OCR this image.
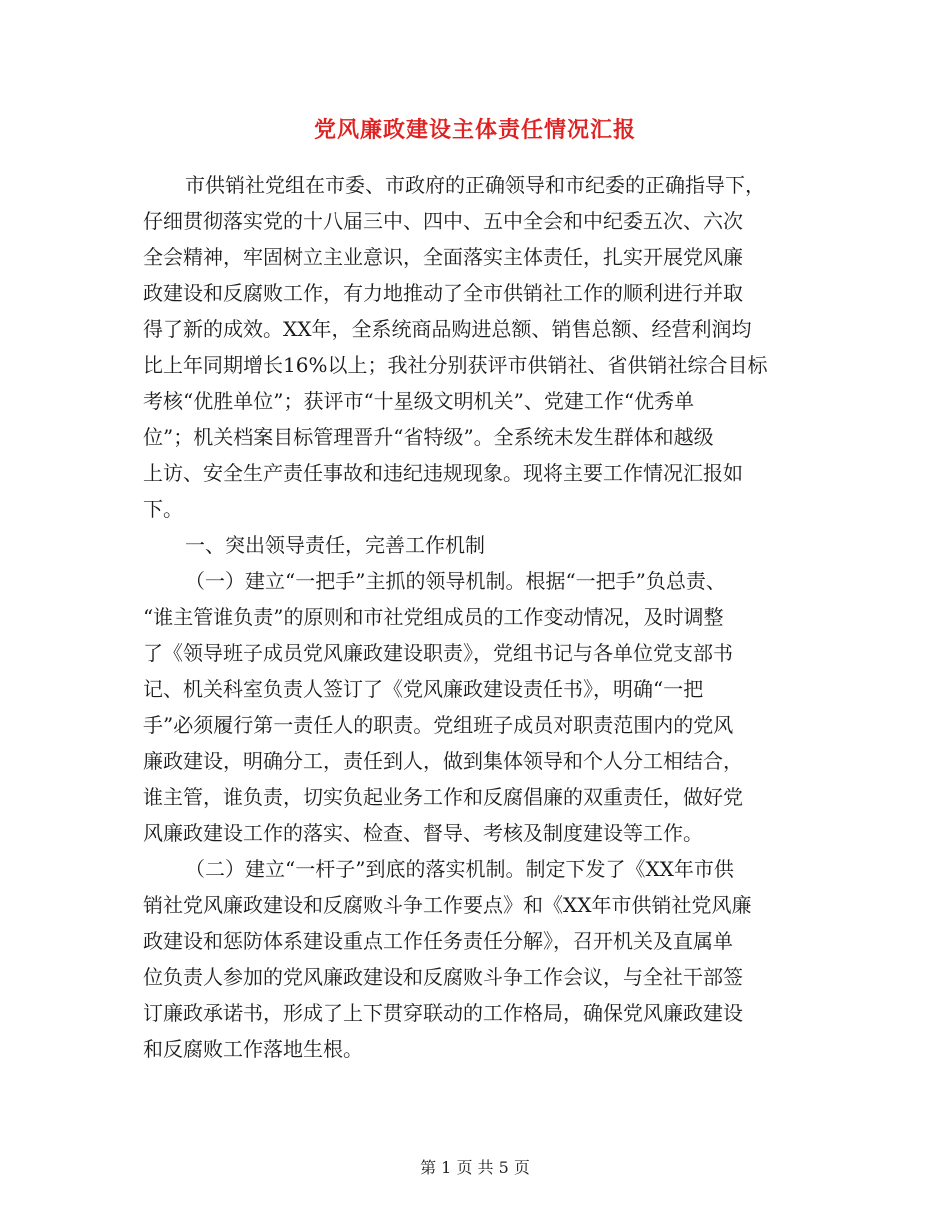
党风廉政建设主体责任情况汇报
市供销社党组在市委、市政府的正确领导和市纪委的正确指导下，
仔细贯彻落实党的十八届三中、四中、五中全会和中纪委五次、六次
全会精神，牢固树立主业意识，全面落实主体责任，扎实开展党风廉
政建设和反腐败工作，有力地推动了全市供销社工作的顺利进行并取
得了新的成效。XX年，全系统商品购进总额、销售总额、经营利润均
比上年同期增长16%以上；我社分别获评市供销社、省供销社综合目标
考核“优胜单位”；获评市“十星级文明机关”、党建工作“优秀单
位”；机关档案目标管理晋升“省特级”。全系统未发生群体和越级
上访、安全生产责任事故和违纪违规现象。现将主要工作情况汇报如
下。
一、突出领导责任，完善工作机制
（一）建立“一把手”主抓的领导机制。根据“一把手”负总责、
“谁主管谁负责”的原则和市社党组成员的工作变动情况，及时调整
了《领导班子成员党风廉政建设职责》，党组书记与各单位党支部书
记、机关科室负责人签订了《党风廉政建设责任书》，明确“一把
手”必须履行第一责任人的职责。党组班子成员对职责范围内的党风
廉政建设，明确分工，责任到人，做到集体领导和个人分工相结合，
谁主管，谁负责，切实负起业务工作和反腐倡廉的双重责任，做好党
风廉政建设工作的落实、检查、督导、考核及制度建设等工作。
（二）建立“一杆子”到底的落实机制。制定下发了《XX年市供
销社党风廉政建设和反腐败斗争工作要点》和《XX年市供销社党风廉
政建设和惩防体系建设重点工作任务责任分解》，召开机关及直属单
位负责人参加的党风廉政建设和反腐败斗争工作会议，与全社干部签
订廉政承诺书，形成了上下贯穿联动的工作格局，确保党风廉政建设
和反腐败工作落地生根。
第 1 页 共 5 页
